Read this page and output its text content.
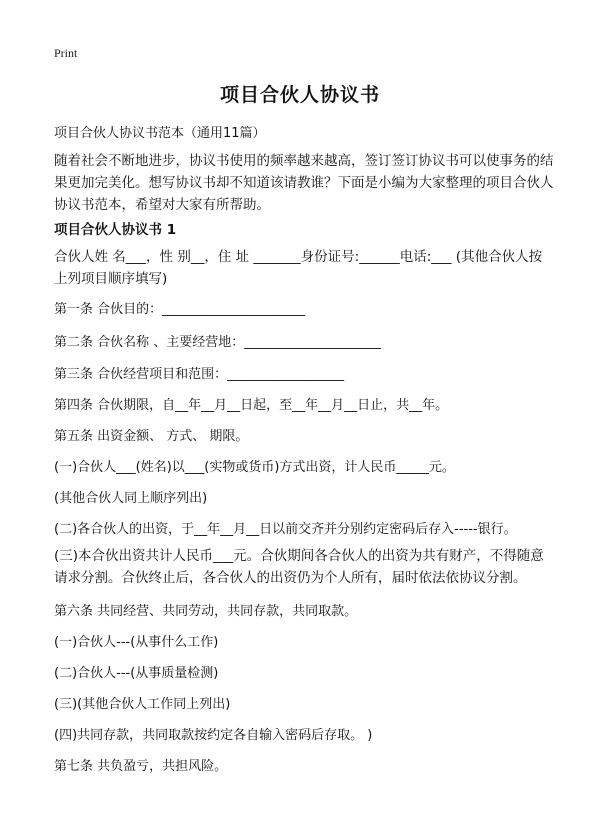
Print
项目合伙人协议书
项目合伙人协议书范本（通用11篇）
随着社会不断地进步，协议书使用的频率越来越高，签订签订协议书可以使事务的结果更加完美化。想写协议书却不知道该请教谁？下面是小编为大家整理的项目合伙人协议书范本，希望对大家有所帮助。
项目合伙人协议书 1
合伙人姓 名___，性 别__，住 址 _______身份证号:______电话:___ (其他合伙人按上列项目顺序填写)
第一条 合伙目的：______________________
第二条 合伙名称 、主要经营地：_____________________
第三条 合伙经营项目和范围：__________________
第四条 合伙期限，自__年__月__日起，至__年__月__日止，共__年。
第五条 出资金额、 方式、 期限。
(一)合伙人___(姓名)以___(实物或货币)方式出资，计人民币_____元。
(其他合伙人同上顺序列出)
(二)各合伙人的出资，于__年__月__日以前交齐并分别约定密码后存入-----银行。
(三)本合伙出资共计人民币___元。合伙期间各合伙人的出资为共有财产，不得随意请求分割。合伙终止后，各合伙人的出资仍为个人所有，届时依法依协议分割。
第六条 共同经营、共同劳动，共同存款，共同取款。
(一)合伙人---(从事什么工作)
(二)合伙人---(从事质量检测)
(三)(其他合伙人工作同上列出)
(四)共同存款，共同取款按约定各自输入密码后存取。 )
第七条 共负盈亏，共担风险。
